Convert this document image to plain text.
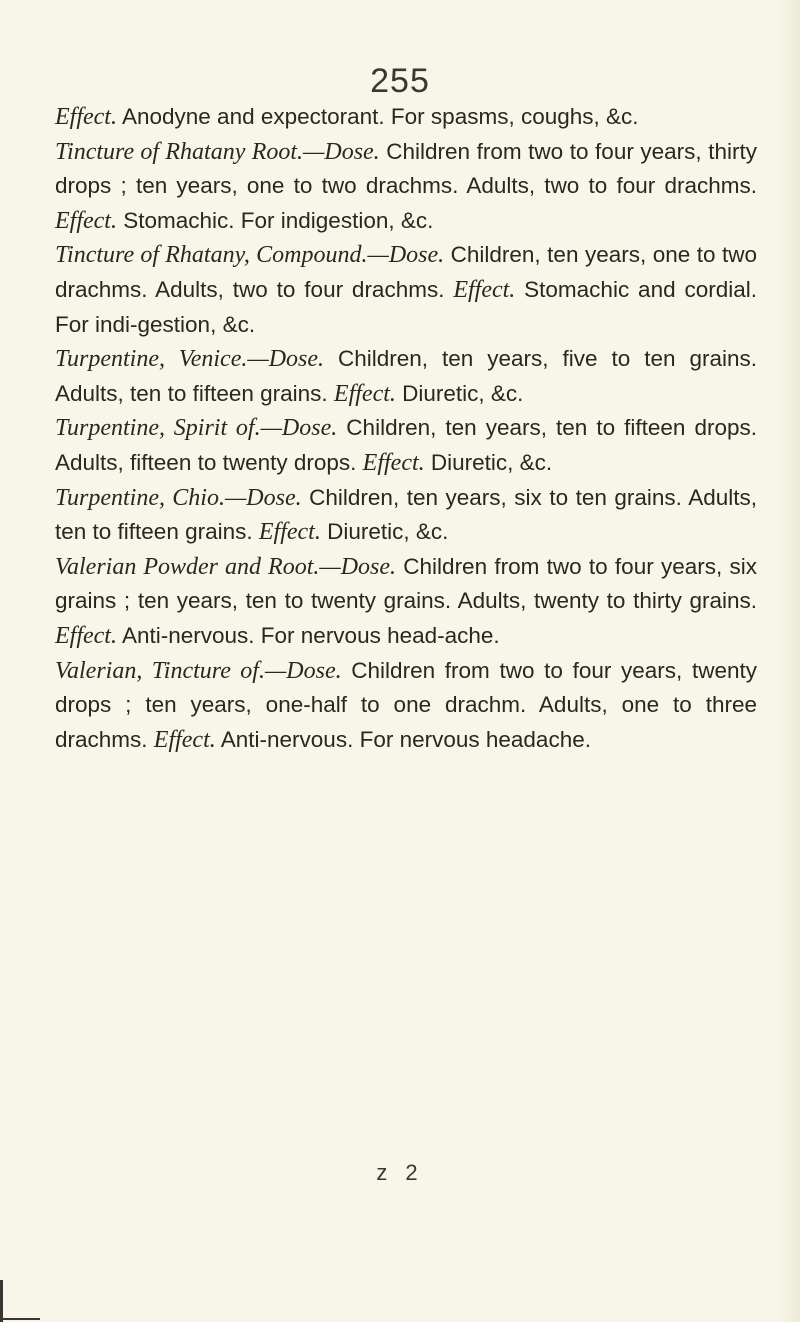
255

Effect. Anodyne and expectorant. For spasms, coughs, &c.

Tincture of Rhatany Root.—Dose. Children from two to four years, thirty drops ; ten years, one to two drachms. Adults, two to four drachms. Effect. Stomachic. For indigestion, &c.

Tincture of Rhatany, Compound.—Dose. Children, ten years, one to two drachms. Adults, two to four drachms. Effect. Stomachic and cordial. For indi-gestion, &c.

Turpentine, Venice.—Dose. Children, ten years, five to ten grains. Adults, ten to fifteen grains. Effect. Diuretic, &c.

Turpentine, Spirit of.—Dose. Children, ten years, ten to fifteen drops. Adults, fifteen to twenty drops. Effect. Diuretic, &c.

Turpentine, Chio.—Dose. Children, ten years, six to ten grains. Adults, ten to fifteen grains. Effect. Diuretic, &c.

Valerian Powder and Root.—Dose. Children from two to four years, six grains ; ten years, ten to twenty grains. Adults, twenty to thirty grains. Effect. Anti-nervous. For nervous head-ache.

Valerian, Tincture of.—Dose. Children from two to four years, twenty drops ; ten years, one-half to one drachm. Adults, one to three drachms. Effect. Anti-nervous. For nervous headache.

z 2
